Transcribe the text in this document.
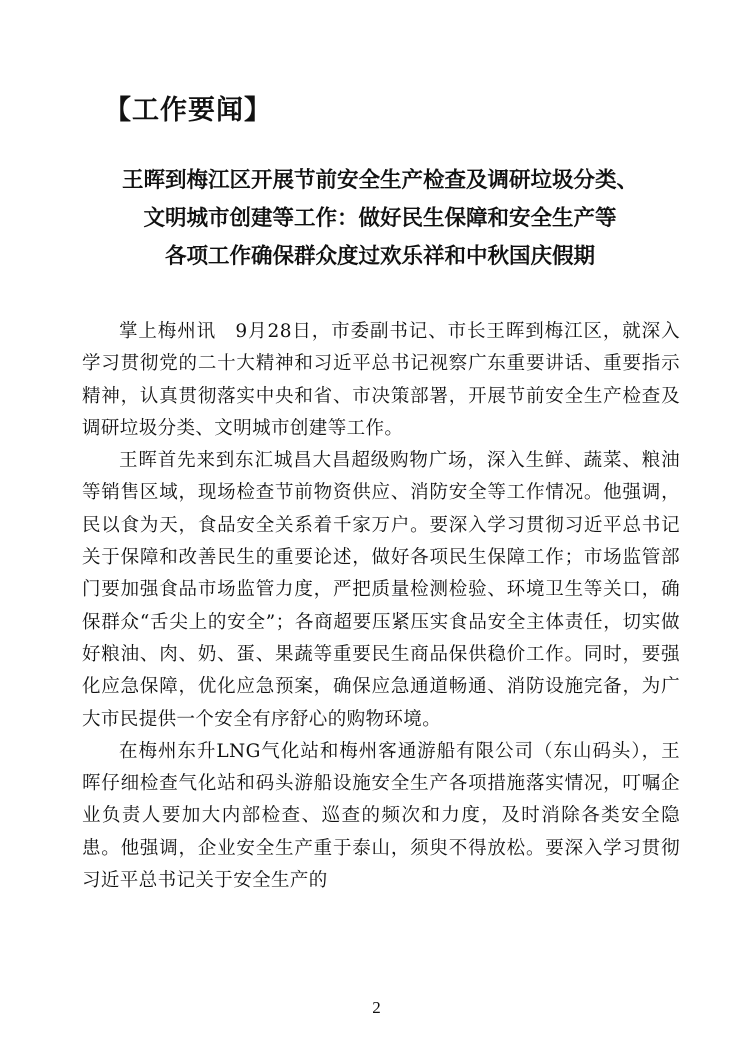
【工作要闻】
王晖到梅江区开展节前安全生产检查及调研垃圾分类、
文明城市创建等工作：做好民生保障和安全生产等
各项工作确保群众度过欢乐祥和中秋国庆假期

掌上梅州讯　9月28日，市委副书记、市长王晖到梅江区，就深入学习贯彻党的二十大精神和习近平总书记视察广东重要讲话、重要指示精神，认真贯彻落实中央和省、市决策部署，开展节前安全生产检查及调研垃圾分类、文明城市创建等工作。

王晖首先来到东汇城昌大昌超级购物广场，深入生鲜、蔬菜、粮油等销售区域，现场检查节前物资供应、消防安全等工作情况。他强调，民以食为天，食品安全关系着千家万户。要深入学习贯彻习近平总书记关于保障和改善民生的重要论述，做好各项民生保障工作；市场监管部门要加强食品市场监管力度，严把质量检测检验、环境卫生等关口，确保群众“舌尖上的安全”；各商超要压紧压实食品安全主体责任，切实做好粮油、肉、奶、蛋、果蔬等重要民生商品保供稳价工作。同时，要强化应急保障，优化应急预案，确保应急通道畅通、消防设施完备，为广大市民提供一个安全有序舒心的购物环境。

在梅州东升LNG气化站和梅州客通游船有限公司（东山码头），王晖仔细检查气化站和码头游船设施安全生产各项措施落实情况，叮嘱企业负责人要加大内部检查、巡查的频次和力度，及时消除各类安全隐患。他强调，企业安全生产重于泰山，须臾不得放松。要深入学习贯彻习近平总书记关于安全生产的

2
